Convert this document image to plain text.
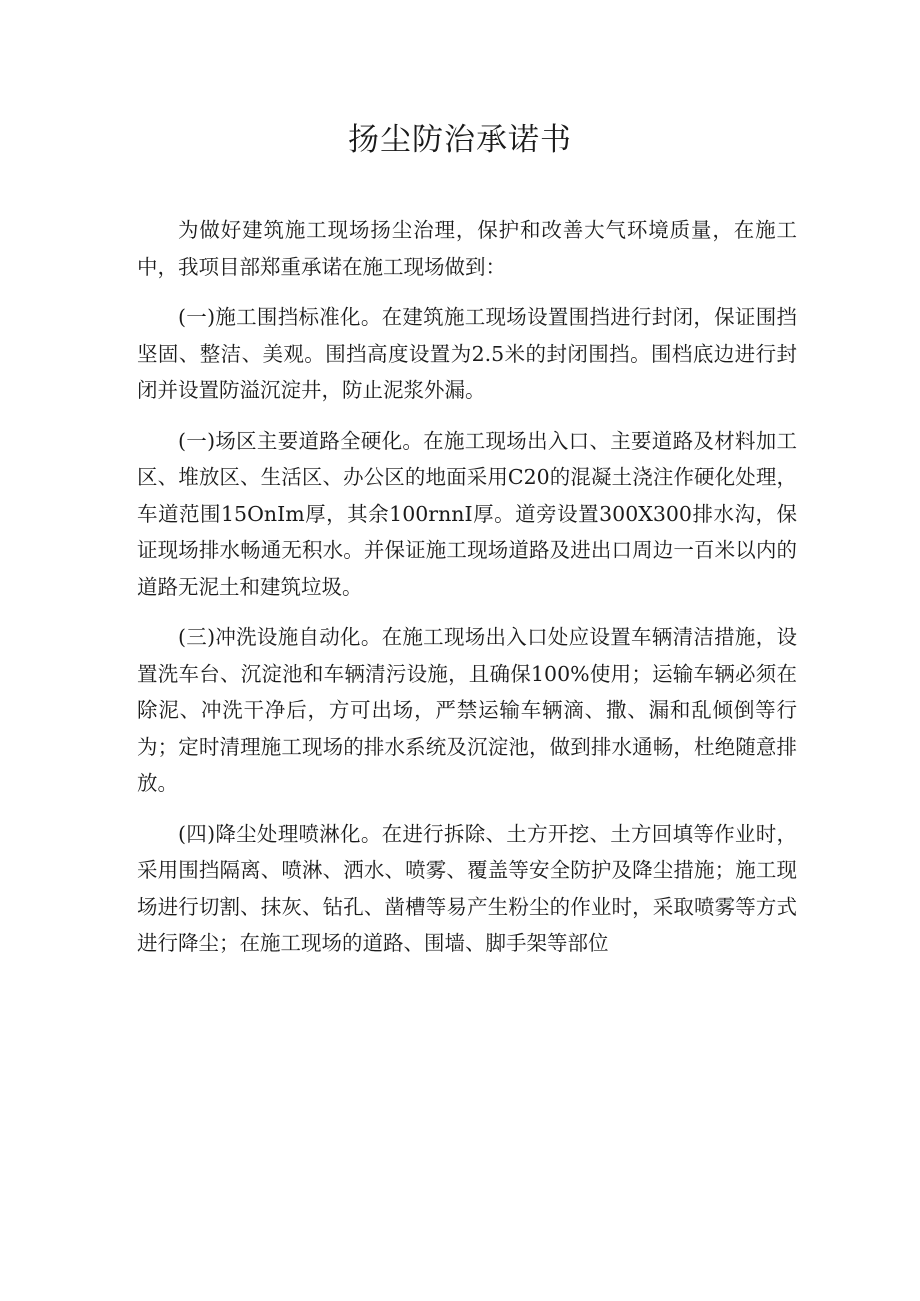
扬尘防治承诺书

为做好建筑施工现场扬尘治理，保护和改善大气环境质量，在施工中，我项目部郑重承诺在施工现场做到：

(一)施工围挡标准化。在建筑施工现场设置围挡进行封闭，保证围挡坚固、整洁、美观。围挡高度设置为2.5米的封闭围挡。围档底边进行封闭并设置防溢沉淀井，防止泥浆外漏。

(一)场区主要道路全硬化。在施工现场出入口、主要道路及材料加工区、堆放区、生活区、办公区的地面采用C20的混凝土浇注作硬化处理，车道范围15OnIm厚，其余100rnnI厚。道旁设置300X300排水沟，保证现场排水畅通无积水。并保证施工现场道路及进出口周边一百米以内的道路无泥土和建筑垃圾。

(三)冲洗设施自动化。在施工现场出入口处应设置车辆清洁措施，设置洗车台、沉淀池和车辆清污设施，且确保100%使用；运输车辆必须在除泥、冲洗干净后，方可出场，严禁运输车辆滴、撒、漏和乱倾倒等行为；定时清理施工现场的排水系统及沉淀池，做到排水通畅，杜绝随意排放。

(四)降尘处理喷淋化。在进行拆除、土方开挖、土方回填等作业时，采用围挡隔离、喷淋、洒水、喷雾、覆盖等安全防护及降尘措施；施工现场进行切割、抹灰、钻孔、凿槽等易产生粉尘的作业时，采取喷雾等方式进行降尘；在施工现场的道路、围墙、脚手架等部位
